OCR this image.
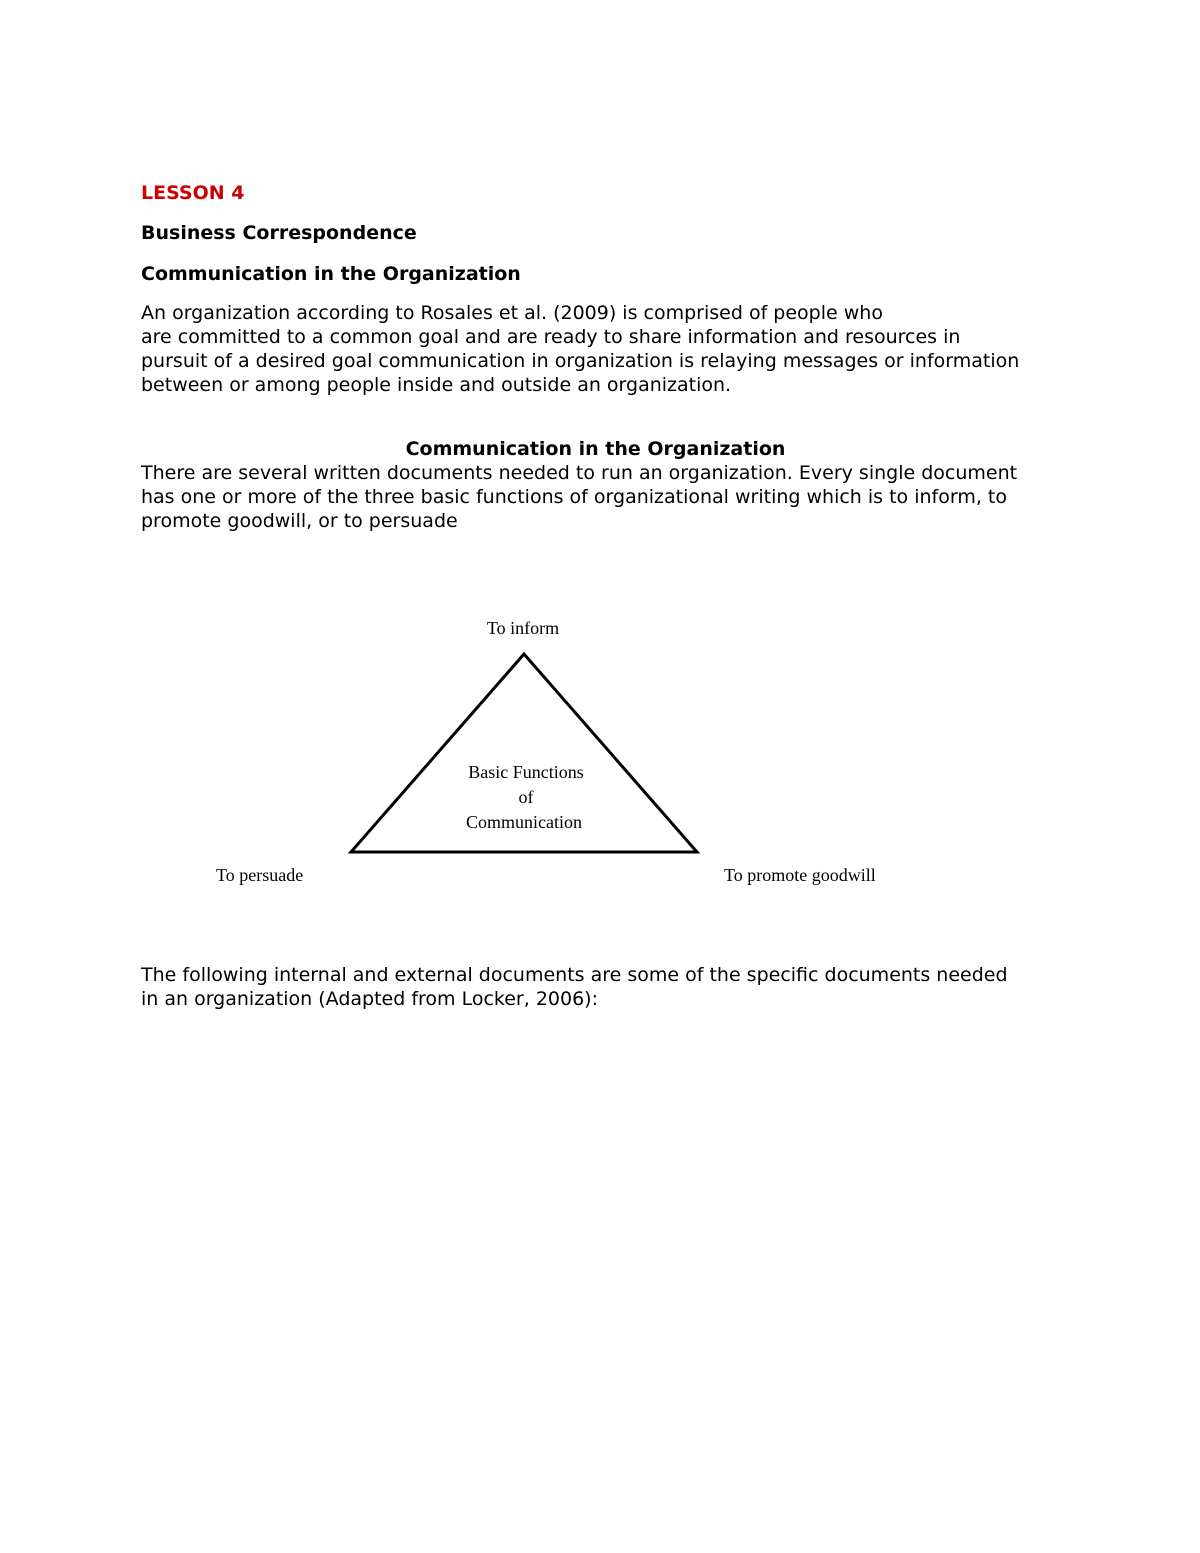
LESSON 4
Business Correspondence
Communication in the Organization
An organization according to Rosales et al. (2009) is comprised of people who
are committed to a common goal and are ready to share information and resources in
pursuit of a desired goal communication in organization is relaying messages or information
between or among people inside and outside an organization.
Communication in the Organization
There are several written documents needed to run an organization. Every single document
has one or more of the three basic functions of organizational writing which is to inform, to
promote goodwill, or to persuade
To inform
To persuade	To promote goodwill
Basic Functions
of
Communication
The following internal and external documents are some of the specific documents needed
in an organization (Adapted from Locker, 2006):
